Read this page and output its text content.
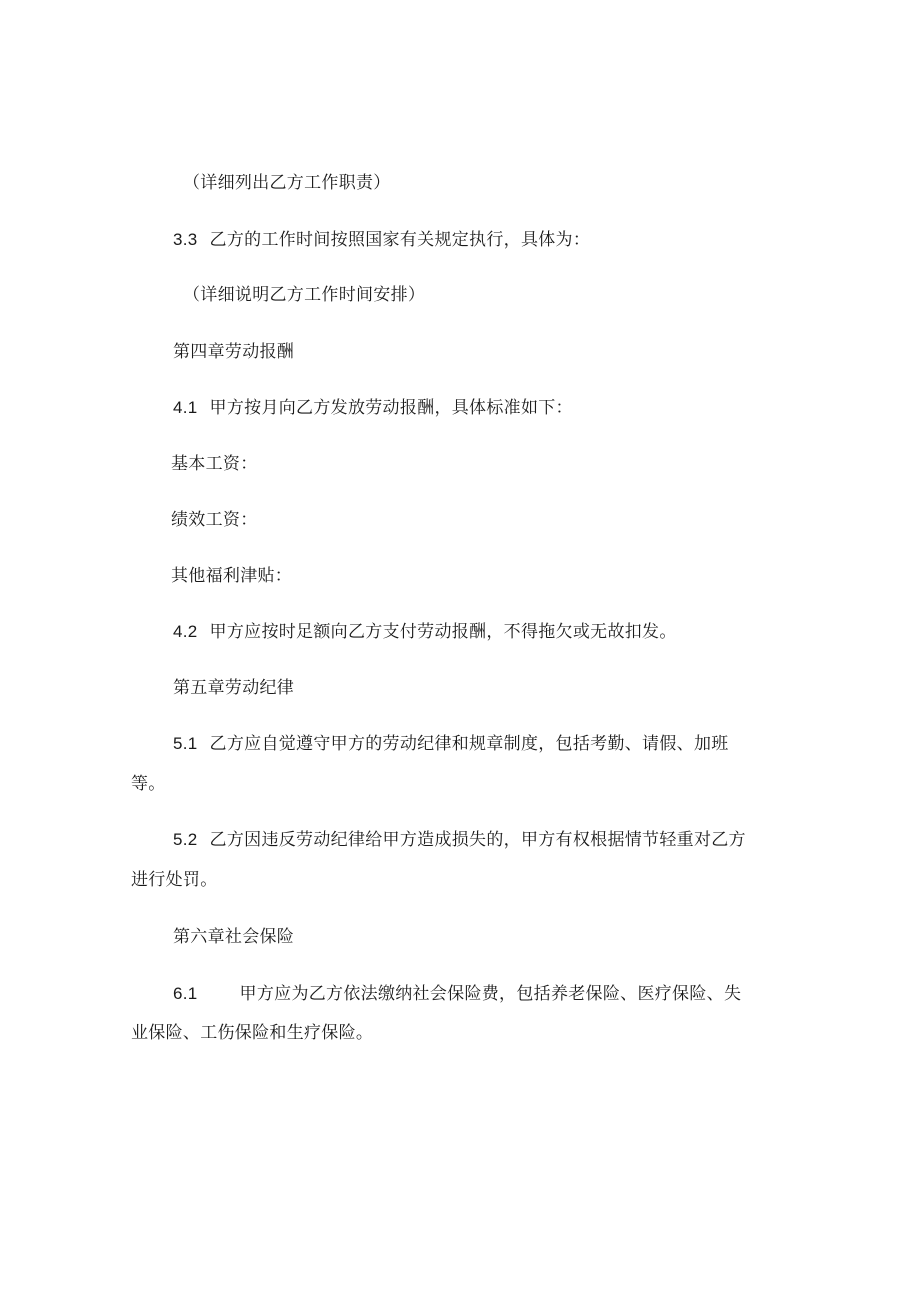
（详细列出乙方工作职责）
3.3 乙方的工作时间按照国家有关规定执行，具体为：
（详细说明乙方工作时间安排）
第四章劳动报酬
4.1 甲方按月向乙方发放劳动报酬，具体标准如下：
基本工资：
绩效工资：
其他福利津贴：
4.2 甲方应按时足额向乙方支付劳动报酬，不得拖欠或无故扣发。
第五章劳动纪律
5.1 乙方应自觉遵守甲方的劳动纪律和规章制度，包括考勤、请假、加班
等。
5.2 乙方因违反劳动纪律给甲方造成损失的，甲方有权根据情节轻重对乙方
进行处罚。
第六章社会保险
6.1 甲方应为乙方依法缴纳社会保险费，包括养老保险、医疗保险、失
业保险、工伤保险和生疗保险。
